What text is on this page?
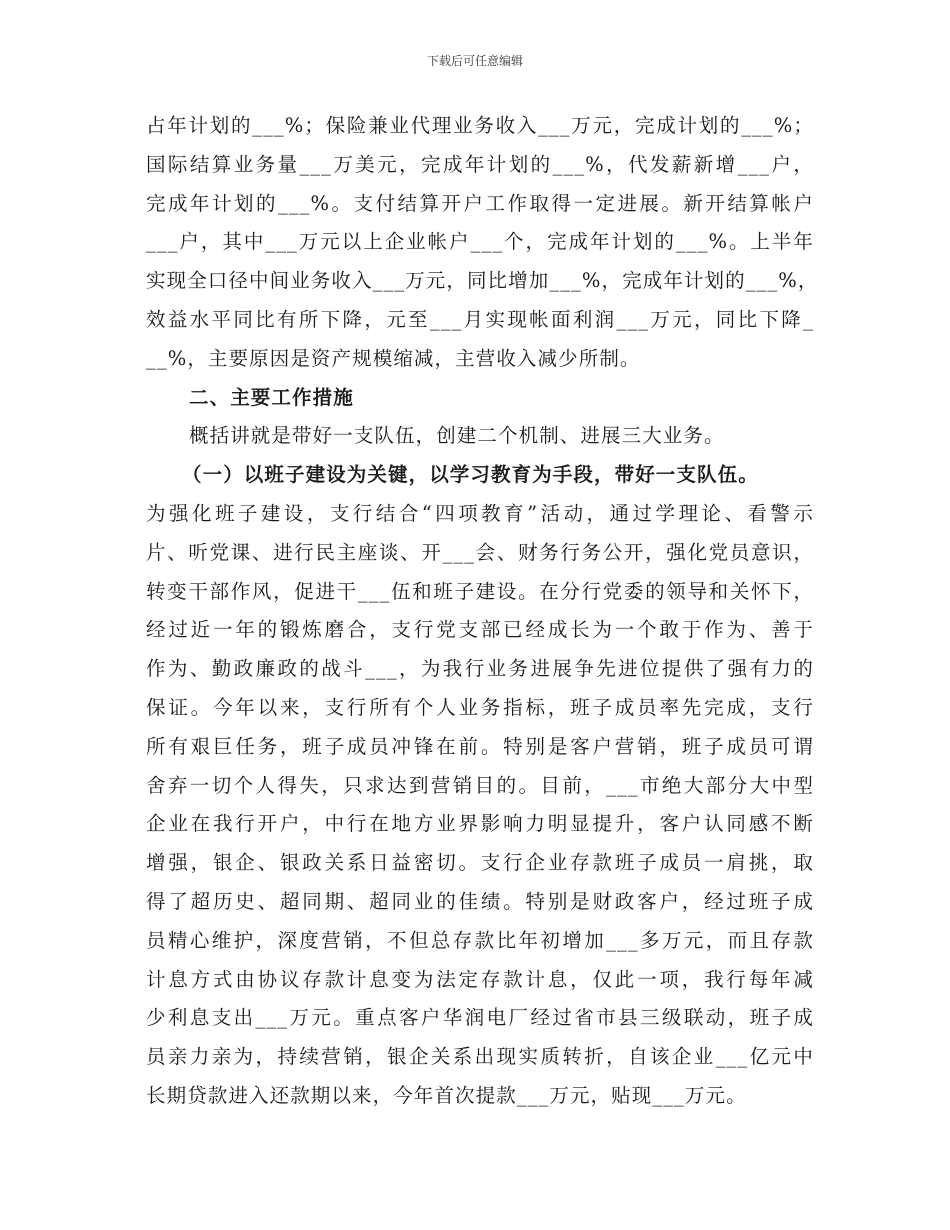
下载后可任意编辑
占年计划的___%；保险兼业代理业务收入___万元，完成计划的___%；
国际结算业务量___万美元，完成年计划的___%，代发薪新增___户，
完成年计划的___%。支付结算开户工作取得一定进展。新开结算帐户
___户，其中___万元以上企业帐户___个，完成年计划的___%。上半年
实现全口径中间业务收入___万元，同比增加___%，完成年计划的___%，
效益水平同比有所下降，元至___月实现帐面利润___万元，同比下降_
__%，主要原因是资产规模缩减，主营收入减少所制。
二、主要工作措施
概括讲就是带好一支队伍，创建二个机制、进展三大业务。
（一）以班子建设为关键，以学习教育为手段，带好一支队伍。
为强化班子建设，支行结合“四项教育”活动，通过学理论、看警示
片、听党课、进行民主座谈、开___会、财务行务公开，强化党员意识，
转变干部作风，促进干___伍和班子建设。在分行党委的领导和关怀下，
经过近一年的锻炼磨合，支行党支部已经成长为一个敢于作为、善于
作为、勤政廉政的战斗___，为我行业务进展争先进位提供了强有力的
保证。今年以来，支行所有个人业务指标，班子成员率先完成，支行
所有艰巨任务，班子成员冲锋在前。特别是客户营销，班子成员可谓
舍弃一切个人得失，只求达到营销目的。目前，___市绝大部分大中型
企业在我行开户，中行在地方业界影响力明显提升，客户认同感不断
增强，银企、银政关系日益密切。支行企业存款班子成员一肩挑，取
得了超历史、超同期、超同业的佳绩。特别是财政客户，经过班子成
员精心维护，深度营销，不但总存款比年初增加___多万元，而且存款
计息方式由协议存款计息变为法定存款计息，仅此一项，我行每年减
少利息支出___万元。重点客户华润电厂经过省市县三级联动，班子成
员亲力亲为，持续营销，银企关系出现实质转折，自该企业___亿元中
长期贷款进入还款期以来，今年首次提款___万元，贴现___万元。
